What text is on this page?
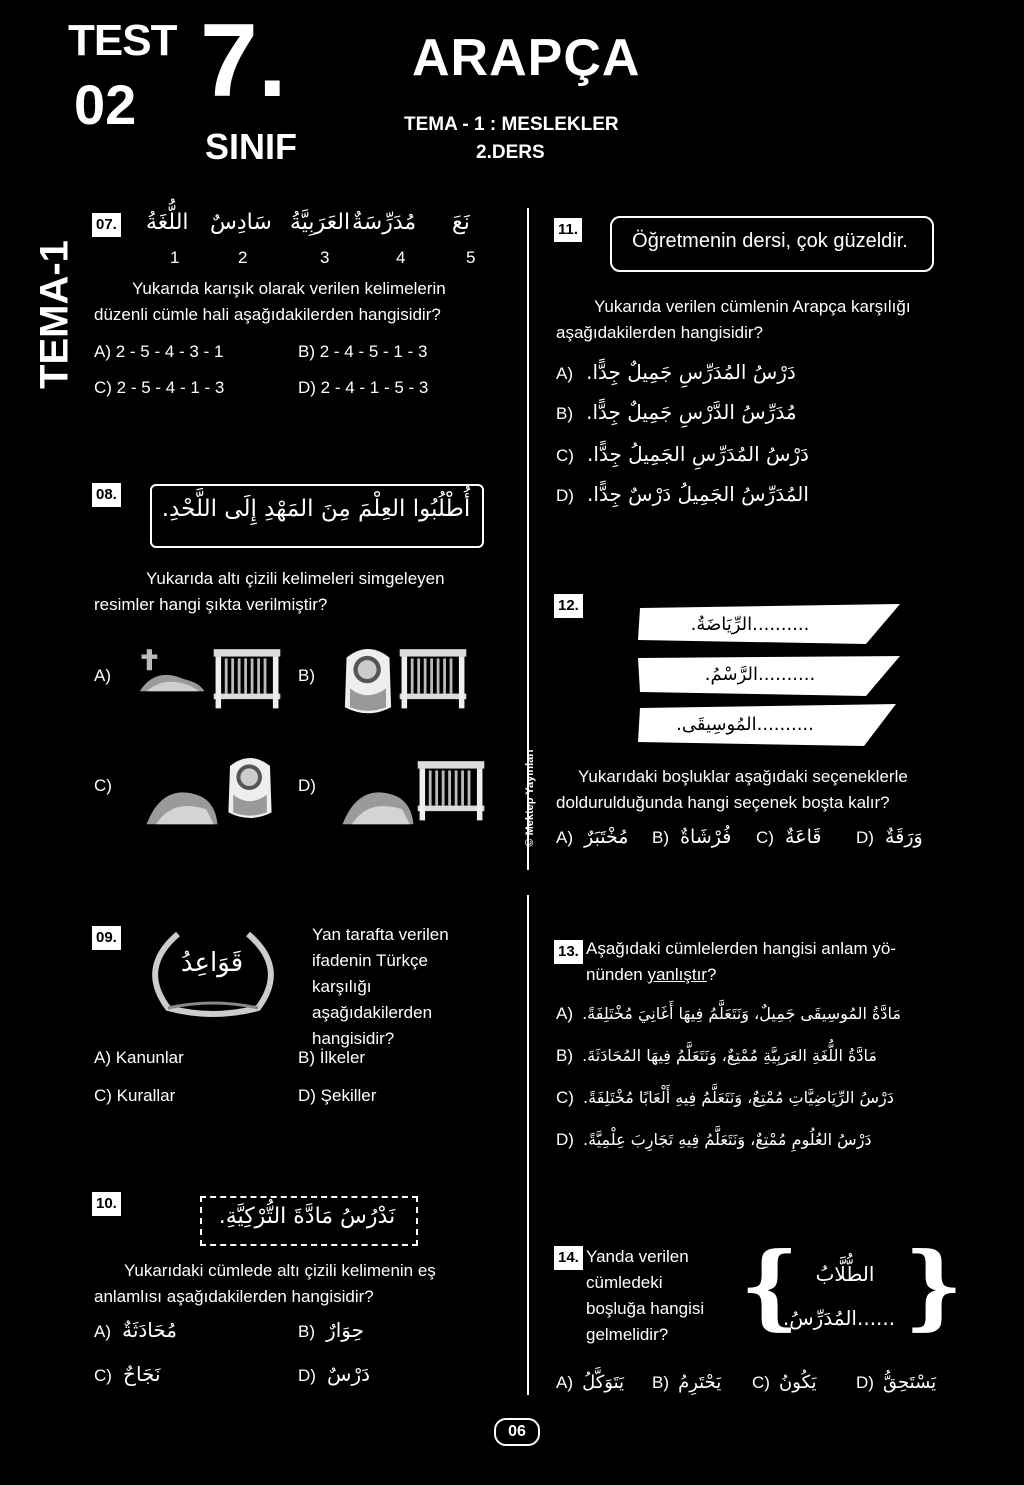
TEST
02 7.
SINIF
ARAPÇA
TEMA - 1 : MESLEKLER
2.DERS
TEMA-1
© Mektep Yayınları
07.	نَعَ
مُدَرِّسَةٌ
العَرَبِيَّةُ
سَادِسٌ
اللُّغَةُ
5
4
3
2
1
Yukarıda karışık olarak verilen kelimelerin düzenli cümle hali aşağıdakilerden hangisidir?
A) 2 - 5 - 4 - 3 - 1	B) 2 - 4 - 5 - 1 - 3
C) 2 - 5 - 4 - 1 - 3	D) 2 - 4 - 1 - 5 - 3
08.
أُطْلُبُوا العِلْمَ مِنَ المَهْدِ إِلَى اللَّحْدِ.
Yukarıda altı çizili kelimeleri simgeleyen resimler hangi şıkta verilmiştir?
A)	B)
C)	D)
09.
قَوَاعِدُ
Yan tarafta verilen ifadenin Türkçe karşılığı aşağıdakilerden hangisidir?
A) Kanunlar	B) İlkeler
C) Kurallar	D) Şekiller
10.
نَدْرُسُ مَادَّةَ التُّرْكِيَّةِ.
Yukarıdaki cümlede altı çizili kelimenin eş anlamlısı aşağıdakilerden hangisidir?
A) مُحَادَثَةٌ	B) حِوَارٌ
C) نَجَاحٌ	D) دَرْسٌ
11.
Öğretmenin dersi, çok güzeldir.
Yukarıda verilen cümlenin Arapça karşılığı aşağıdakilerden hangisidir?
A) دَرْسُ المُدَرِّسِ جَمِيلٌ جِدًّا.
B) مُدَرِّسُ الدَّرْسِ جَمِيلٌ جِدًّا.
C) دَرْسُ المُدَرِّسِ الجَمِيلُ جِدًّا.
D) المُدَرِّسُ الجَمِيلُ دَرْسٌ جِدًّا.
12.
..........الرِّيَاضَةُ.
..........الرَّسْمُ.
..........المُوسِيقَى.
Yukarıdaki boşluklar aşağıdaki seçeneklerle doldurulduğunda hangi seçenek boşta kalır?
A) مُخْتَبَرٌ B) فُرْشَاةٌ C) قَاعَةٌ D) وَرَقَةٌ
13. Aşağıdaki cümlelerden hangisi anlam yö-
nünden yanlıştır?
A) مَادَّةُ المُوسِيقَى جَمِيلٌ، وَنَتَعَلَّمُ فِيهَا أَغَانِيَ مُخْتَلِفَةً.
B) مَادَّةُ اللُّغَةِ العَرَبِيَّةِ مُمْتِعٌ، وَنَتَعَلَّمُ فِيهَا المُحَادَثَةَ.
C) دَرْسُ الرِّيَاضِيَّاتِ مُمْتِعٌ، وَنَتَعَلَّمُ فِيهِ أَلْعَابًا مُخْتَلِفَةً.
D) دَرْسُ العُلُومِ مُمْتِعٌ، وَنَتَعَلَّمُ فِيهِ تَجَارِبَ عِلْمِيَّةً.
14. Yanda verilen cümledeki boşluğa hangisi gelmelidir? { }
الطُّلَّابُ
......المُدَرِّسُ.
A) يَتَوَكَّلُ B) يَحْتَرِمُ C) يَكُونُ D) يَسْتَحِقُّ
06
